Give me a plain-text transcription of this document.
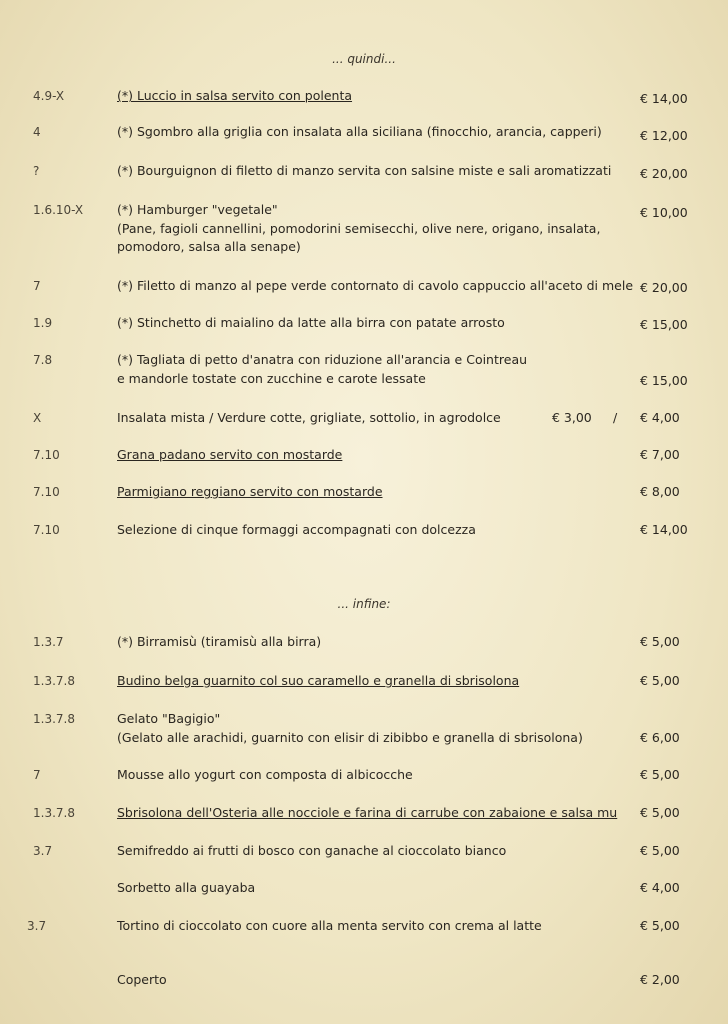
... quindi...
4.9-X	(*) Luccio in salsa servito con polenta	€ 14,00
4	(*) Sgombro alla griglia con insalata alla siciliana (finocchio, arancia, capperi)	€ 12,00
?	(*) Bourguignon di filetto di manzo servita con salsine miste e sali aromatizzati	€ 20,00
1.6.10-X	(*) Hamburger "vegetale"
(Pane, fagioli cannellini, pomodorini semisecchi, olive nere, origano, insalata,
pomodoro, salsa alla senape)
€ 10,00
7	(*) Filetto di manzo al pepe verde contornato di cavolo cappuccio all'aceto di mele € 20,00
1.9	(*) Stinchetto di maialino da latte alla birra con patate arrosto	€ 15,00
7.8	(*) Tagliata di petto d'anatra con riduzione all'arancia e Cointreau
e mandorle tostate con zucchine e carote lessate	€ 15,00
X	Insalata mista / Verdure cotte, grigliate, sottolio, in agrodolce	€ 3,00 / € 4,00
7.10	Grana padano servito con mostarde	€ 7,00
7.10	Parmigiano reggiano servito con mostarde	€ 8,00
7.10	Selezione di cinque formaggi accompagnati con dolcezza	€ 14,00
... infine:
1.3.7	(*) Birramisù (tiramisù alla birra)	€ 5,00
1.3.7.8	Budino belga guarnito col suo caramello e granella di sbrisolona	€ 5,00
1.3.7.8	Gelato "Bagigio"
(Gelato alle arachidi, guarnito con elisir di zibibbo e granella di sbrisolona)	€ 6,00
7	Mousse allo yogurt con composta di albicocche	€ 5,00
1.3.7.8	Sbrisolona dell'Osteria alle nocciole e farina di carrube con zabaione e salsa mu	€ 5,00
3.7	Semifreddo ai frutti di bosco con ganache al cioccolato bianco	€ 5,00
Sorbetto alla guayaba	€ 4,00
3.7	Tortino di cioccolato con cuore alla menta servito con crema al latte	€ 5,00
Coperto	€ 2,00
